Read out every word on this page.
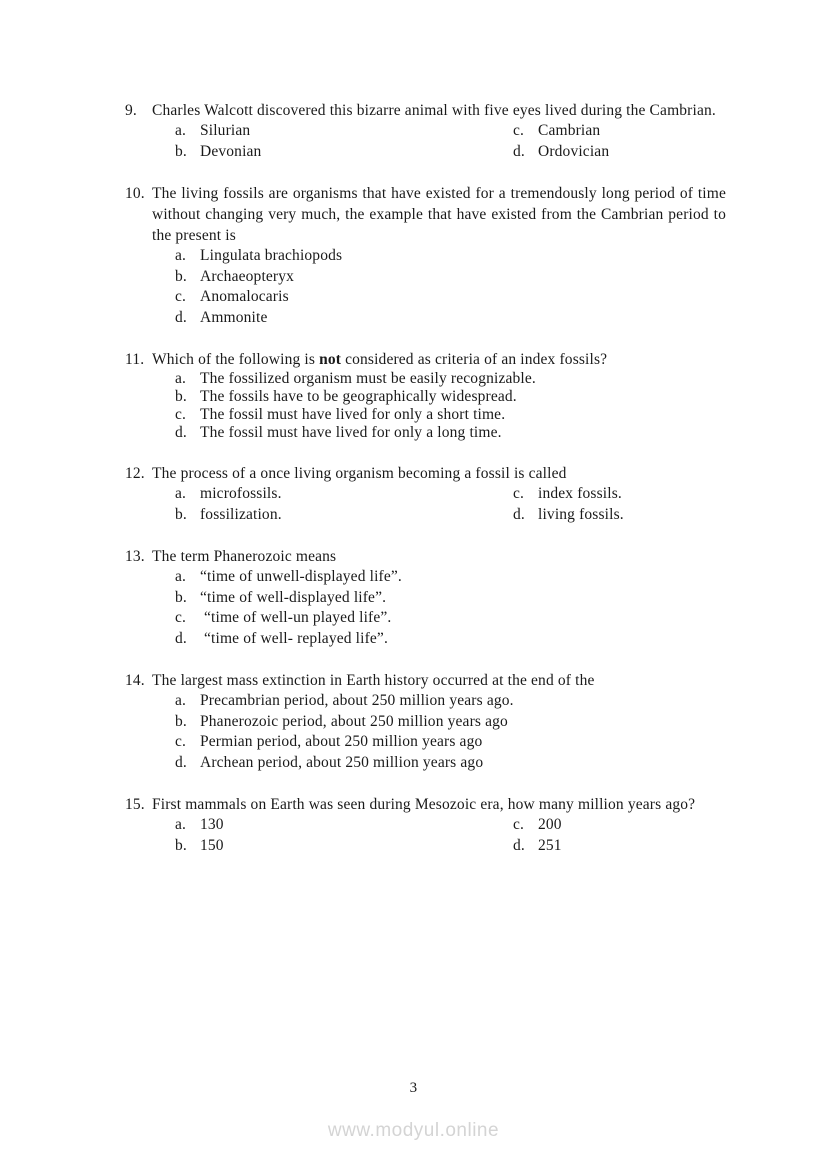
9. Charles Walcott discovered this bizarre animal with five eyes lived during the Cambrian.
a. Silurian
b. Devonian
c. Cambrian
d. Ordovician
10. The living fossils are organisms that have existed for a tremendously long period of time without changing very much, the example that have existed from the Cambrian period to the present is
a. Lingulata brachiopods
b. Archaeopteryx
c. Anomalocaris
d. Ammonite
11. Which of the following is not considered as criteria of an index fossils?
a. The fossilized organism must be easily recognizable.
b. The fossils have to be geographically widespread.
c. The fossil must have lived for only a short time.
d. The fossil must have lived for only a long time.
12. The process of a once living organism becoming a fossil is called
a. microfossils.
b. fossilization.
c. index fossils.
d. living fossils.
13. The term Phanerozoic means
a. “time of unwell-displayed life”.
b. “time of well-displayed life”.
c. “time of well-un played life”.
d. “time of well- replayed life”.
14. The largest mass extinction in Earth history occurred at the end of the
a. Precambrian period, about 250 million years ago.
b. Phanerozoic period, about 250 million years ago
c. Permian period, about 250 million years ago
d. Archean period, about 250 million years ago
15. First mammals on Earth was seen during Mesozoic era, how many million years ago?
a. 130
b. 150
c. 200
d. 251
3
www.modyul.online
